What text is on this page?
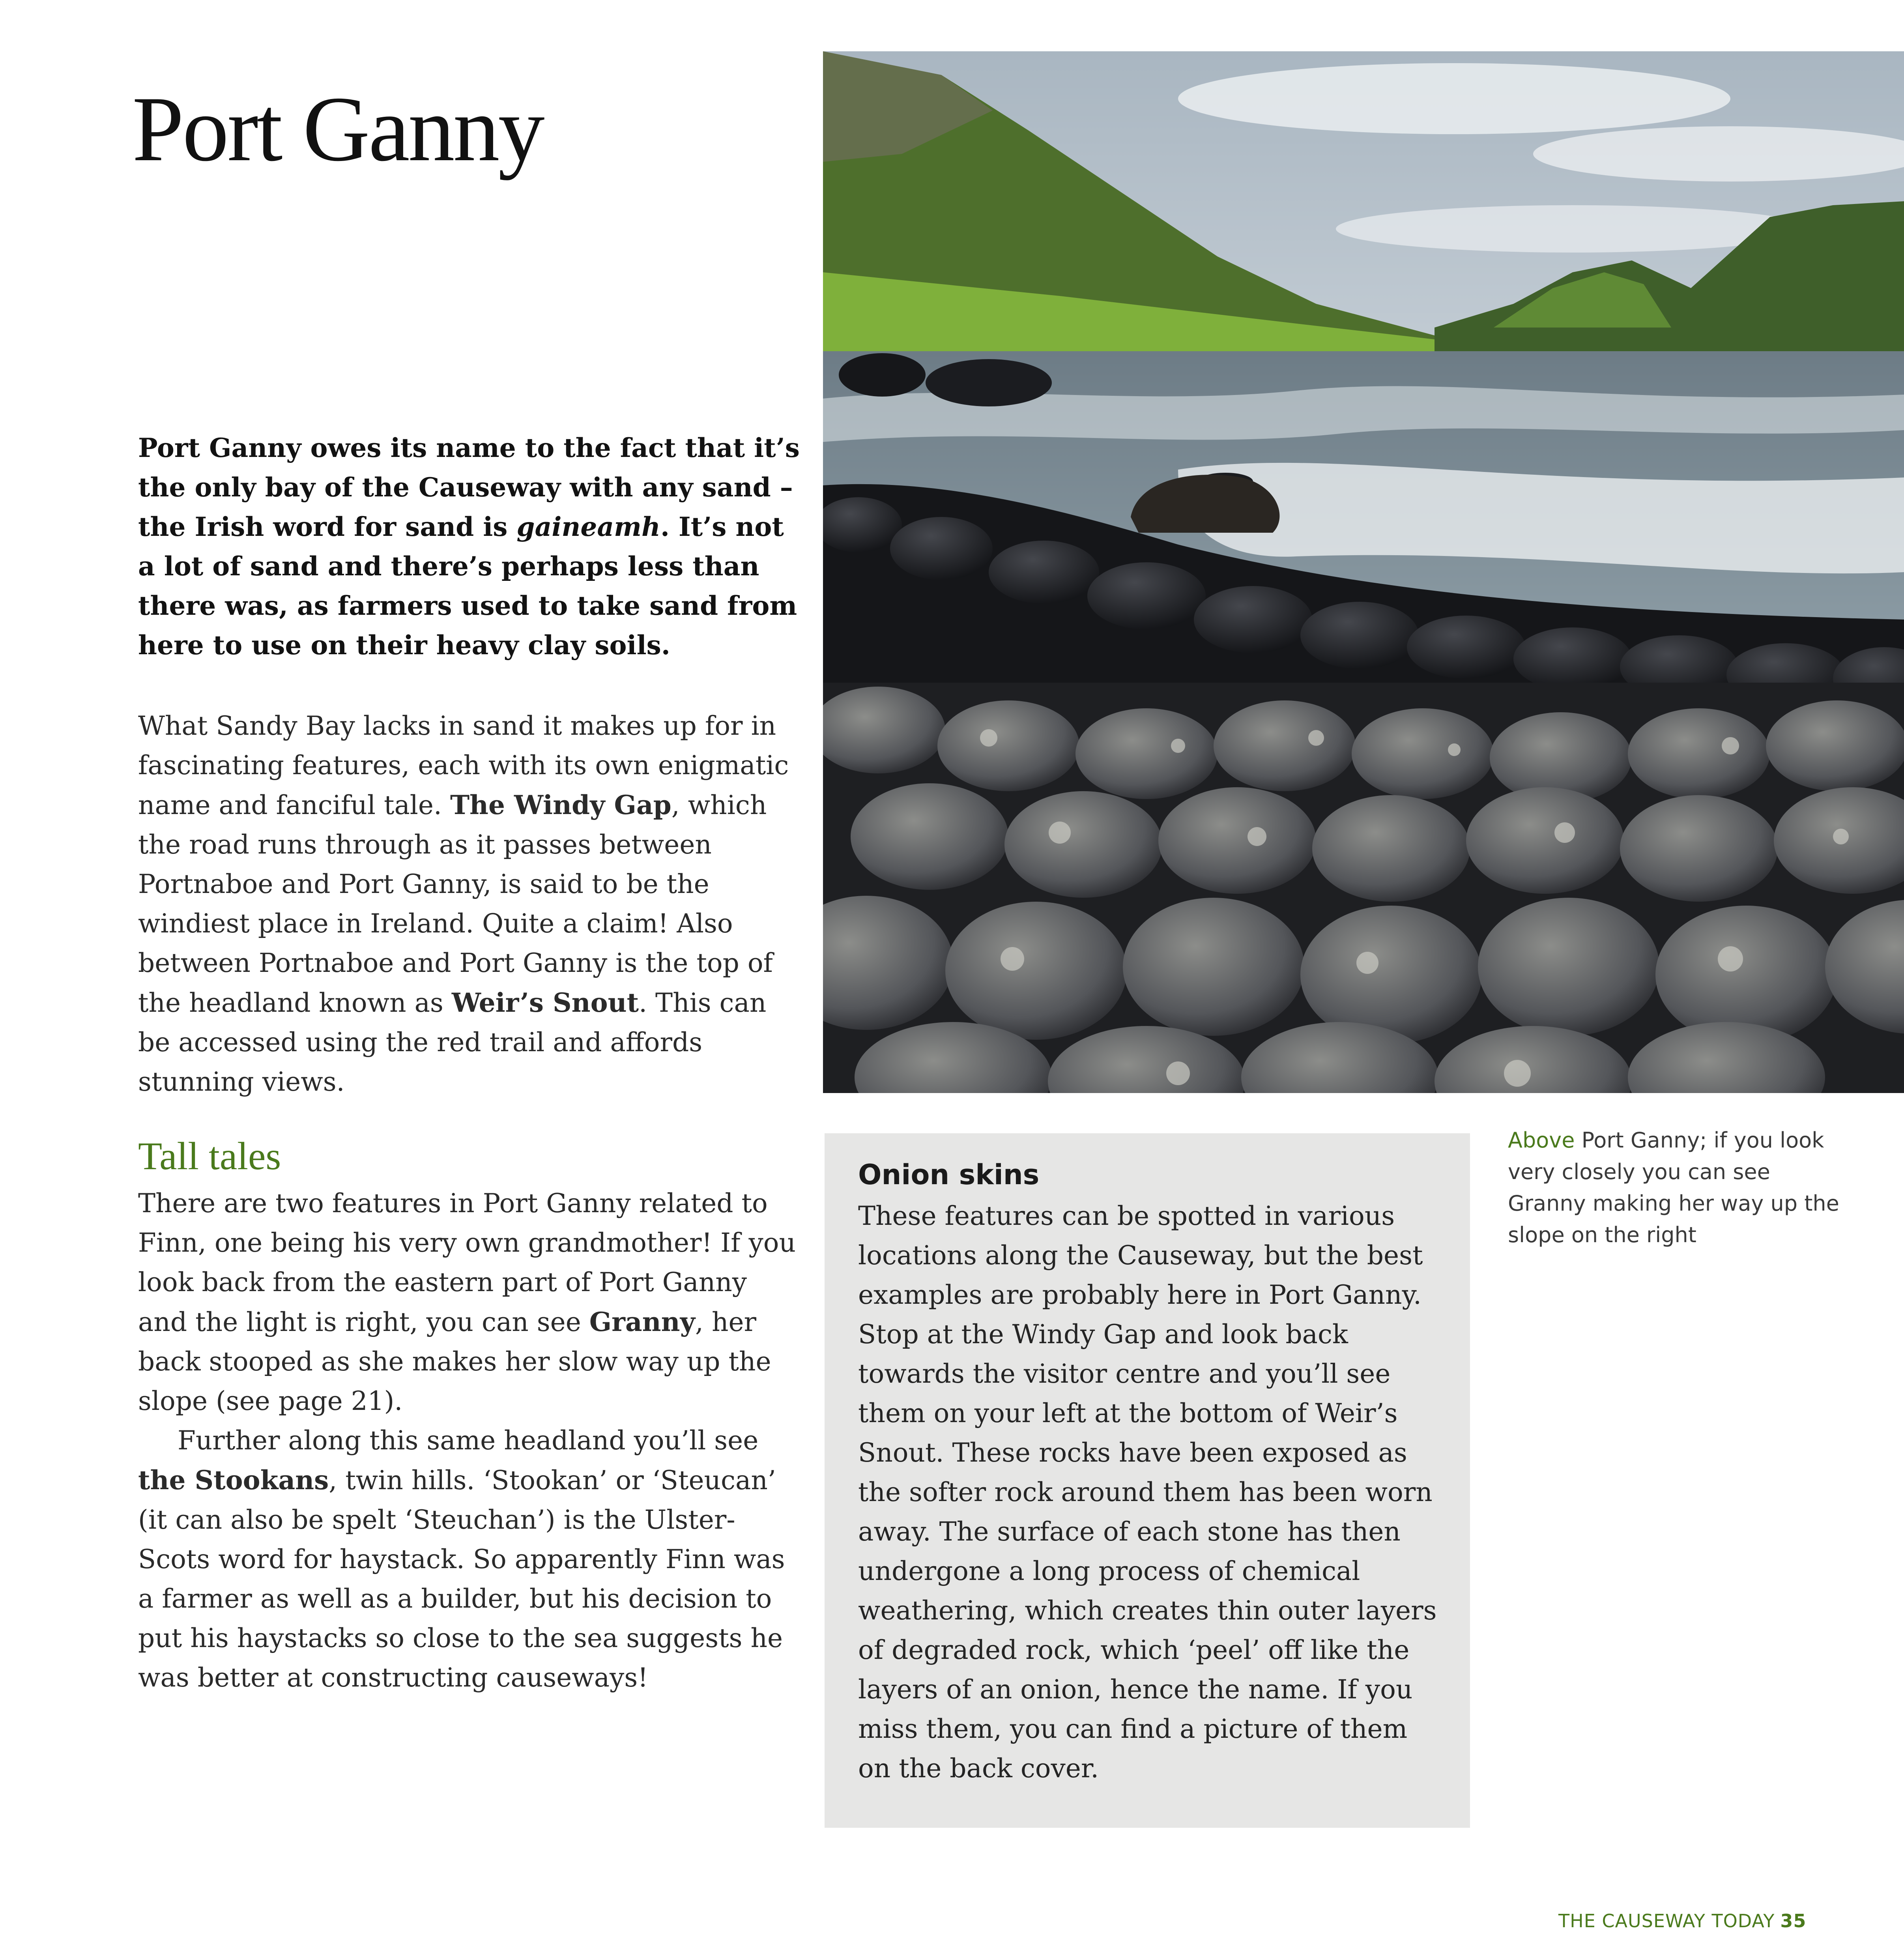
Port Ganny

Port Ganny owes its name to the fact that it’s the only bay of the Causeway with any sand – the Irish word for sand is gaineamh. It’s not a lot of sand and there’s perhaps less than there was, as farmers used to take sand from here to use on their heavy clay soils.

What Sandy Bay lacks in sand it makes up for in fascinating features, each with its own enigmatic name and fanciful tale. The Windy Gap, which the road runs through as it passes between Portnaboe and Port Ganny, is said to be the windiest place in Ireland. Quite a claim! Also between Portnaboe and Port Ganny is the top of the headland known as Weir’s Snout. This can be accessed using the red trail and affords stunning views.

Tall tales

There are two features in Port Ganny related to Finn, one being his very own grandmother! If you look back from the eastern part of Port Ganny and the light is right, you can see Granny, her back stooped as she makes her slow way up the slope (see page 21).
Further along this same headland you’ll see the Stookans, twin hills. ‘Stookan’ or ‘Steucan’ (it can also be spelt ‘Steuchan’) is the Ulster-Scots word for haystack. So apparently Finn was a farmer as well as a builder, but his decision to put his haystacks so close to the sea suggests he was better at constructing causeways!

Onion skins

These features can be spotted in various locations along the Causeway, but the best examples are probably here in Port Ganny. Stop at the Windy Gap and look back towards the visitor centre and you’ll see them on your left at the bottom of Weir’s Snout. These rocks have been exposed as the softer rock around them has been worn away. The surface of each stone has then undergone a long process of chemical weathering, which creates thin outer layers of degraded rock, which ‘peel’ off like the layers of an onion, hence the name. If you miss them, you can find a picture of them on the back cover.

Above Port Ganny; if you look very closely you can see Granny making her way up the slope on the right

THE CAUSEWAY TODAY 35
